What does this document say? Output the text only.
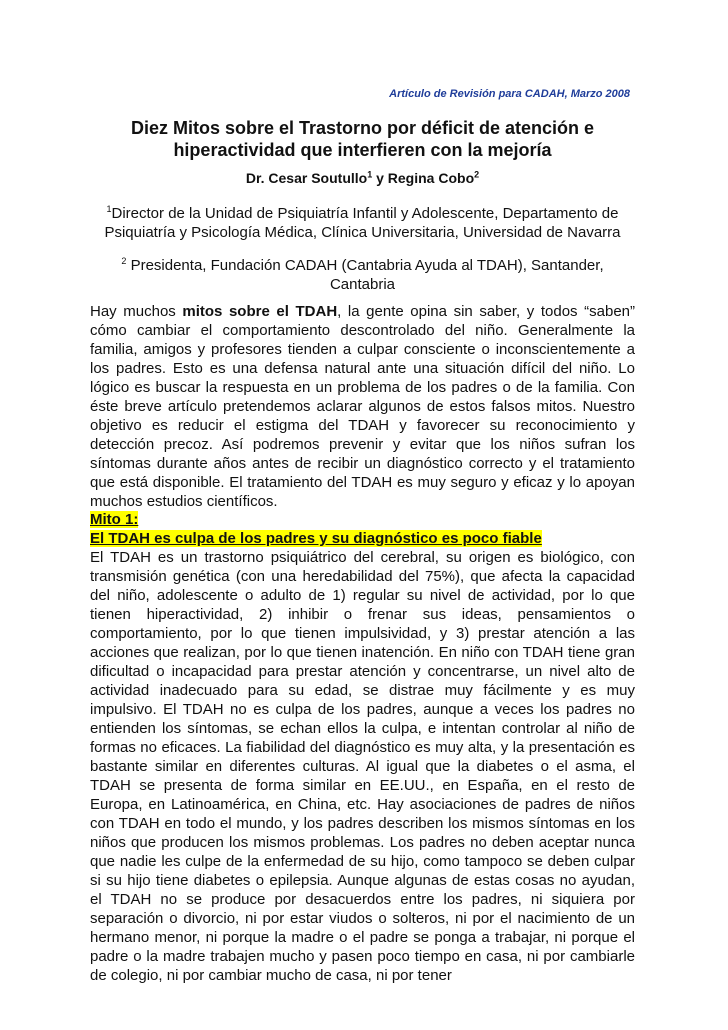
Artículo de Revisión para CADAH, Marzo 2008
Diez Mitos sobre el Trastorno por déficit de atención e
hiperactividad que interfieren con la mejoría
Dr. Cesar Soutullo$^1$ y Regina Cobo$^2$
$^1$Director de la Unidad de Psiquiatría Infantil y Adolescente, Departamento de
Psiquiatría y Psicología Médica, Clínica Universitaria, Universidad de Navarra
$^2$ Presidenta, Fundación CADAH (Cantabria Ayuda al TDAH), Santander,
Cantabria
Hay muchos mitos sobre el TDAH, la gente opina sin saber, y todos “saben” cómo cambiar el comportamiento descontrolado del niño. Generalmente la familia, amigos y profesores tienden a culpar consciente o inconscientemente a los padres. Esto es una defensa natural ante una situación difícil del niño. Lo lógico es buscar la respuesta en un problema de los padres o de la familia. Con éste breve artículo pretendemos aclarar algunos de estos falsos mitos. Nuestro objetivo es reducir el estigma del TDAH y favorecer su reconocimiento y detección precoz. Así podremos prevenir y evitar que los niños sufran los síntomas durante años antes de recibir un diagnóstico correcto y el tratamiento que está disponible. El tratamiento del TDAH es muy seguro y eficaz y lo apoyan muchos estudios científicos.
Mito 1:
El TDAH es culpa de los padres y su diagnóstico es poco fiable
El TDAH es un trastorno psiquiátrico del cerebral, su origen es biológico, con transmisión genética (con una heredabilidad del 75%), que afecta la capacidad del niño, adolescente o adulto de 1) regular su nivel de actividad, por lo que tienen hiperactividad, 2) inhibir o frenar sus ideas, pensamientos o comportamiento, por lo que tienen impulsividad, y 3) prestar atención a las acciones que realizan, por lo que tienen inatención. En niño con TDAH tiene gran dificultad o incapacidad para prestar atención y concentrarse, un nivel alto de actividad inadecuado para su edad, se distrae muy fácilmente y es muy impulsivo. El TDAH no es culpa de los padres, aunque a veces los padres no entienden los síntomas, se echan ellos la culpa, e intentan controlar al niño de formas no eficaces. La fiabilidad del diagnóstico es muy alta, y la presentación es bastante similar en diferentes culturas. Al igual que la diabetes o el asma, el TDAH se presenta de forma similar en EE.UU., en España, en el resto de Europa, en Latinoamérica, en China, etc. Hay asociaciones de padres de niños con TDAH en todo el mundo, y los padres describen los mismos síntomas en los niños que producen los mismos problemas. Los padres no deben aceptar nunca que nadie les culpe de la enfermedad de su hijo, como tampoco se deben culpar si su hijo tiene diabetes o epilepsia. Aunque algunas de estas cosas no ayudan, el TDAH no se produce por desacuerdos entre los padres, ni siquiera por separación o divorcio, ni por estar viudos o solteros, ni por el nacimiento de un hermano menor, ni porque la madre o el padre se ponga a trabajar, ni porque el padre o la madre trabajen mucho y pasen poco tiempo en casa, ni por cambiarle de colegio, ni por cambiar mucho de casa, ni por tener
